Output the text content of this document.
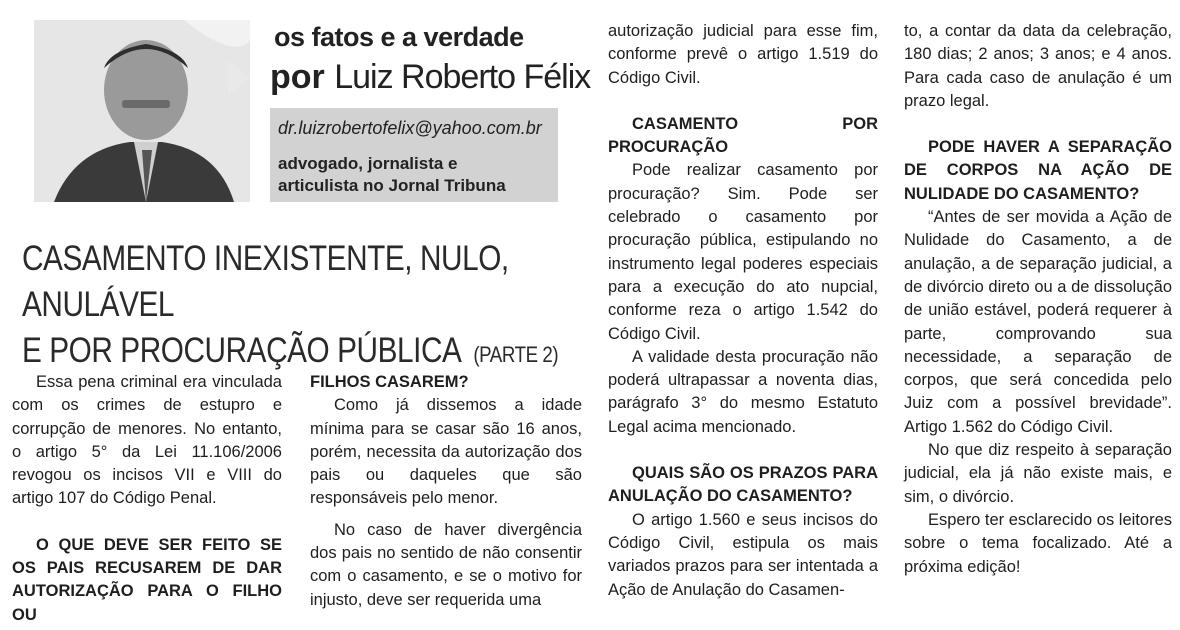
os fatos e a verdade
por Luiz Roberto Félix
dr.luizrobertofelix@yahoo.com.br
advogado, jornalista e
articulista no Jornal Tribuna
CASAMENTO INEXISTENTE, NULO, ANULÁVEL
E POR PROCURAÇÃO PÚBLICA (PARTE 2)

Essa pena criminal era vinculada com os crimes de estupro e corrupção de menores. No entanto, o artigo 5° da Lei 11.106/2006 revogou os incisos VII e VIII do artigo 107 do Código Penal.

O QUE DEVE SER FEITO SE OS PAIS RECUSAREM DE DAR AUTORIZAÇÃO PARA O FILHO OU
FILHOS CASAREM?

Como já dissemos a idade mínima para se casar são 16 anos, porém, necessita da autorização dos pais ou daqueles que são responsáveis pelo menor.

No caso de haver divergência dos pais no sentido de não consentir com o casamento, e se o motivo for injusto, deve ser requerida uma

autorização judicial para esse fim, conforme prevê o artigo 1.519 do Código Civil.

CASAMENTO POR PROCURAÇÃO

Pode realizar casamento por procuração? Sim. Pode ser celebrado o casamento por procuração pública, estipulando no instrumento legal poderes especiais para a execução do ato nupcial, conforme reza o artigo 1.542 do Código Civil.

A validade desta procuração não poderá ultrapassar a noventa dias, parágrafo 3° do mesmo Estatuto Legal acima mencionado.

QUAIS SÃO OS PRAZOS PARA ANULAÇÃO DO CASAMENTO?

O artigo 1.560 e seus incisos do Código Civil, estipula os mais variados prazos para ser intentada a Ação de Anulação do Casamen-

to, a contar da data da celebração, 180 dias; 2 anos; 3 anos; e 4 anos. Para cada caso de anulação é um prazo legal.

PODE HAVER A SEPARAÇÃO DE CORPOS NA AÇÃO DE NULIDADE DO CASAMENTO?

“Antes de ser movida a Ação de Nulidade do Casamento, a de anulação, a de separação judicial, a de divórcio direto ou a de dissolução de união estável, poderá requerer à parte, comprovando sua necessidade, a separação de corpos, que será concedida pelo Juiz com a possível brevidade”. Artigo 1.562 do Código Civil.

No que diz respeito à separação judicial, ela já não existe mais, e sim, o divórcio.

Espero ter esclarecido os leitores sobre o tema focalizado. Até a próxima edição!
